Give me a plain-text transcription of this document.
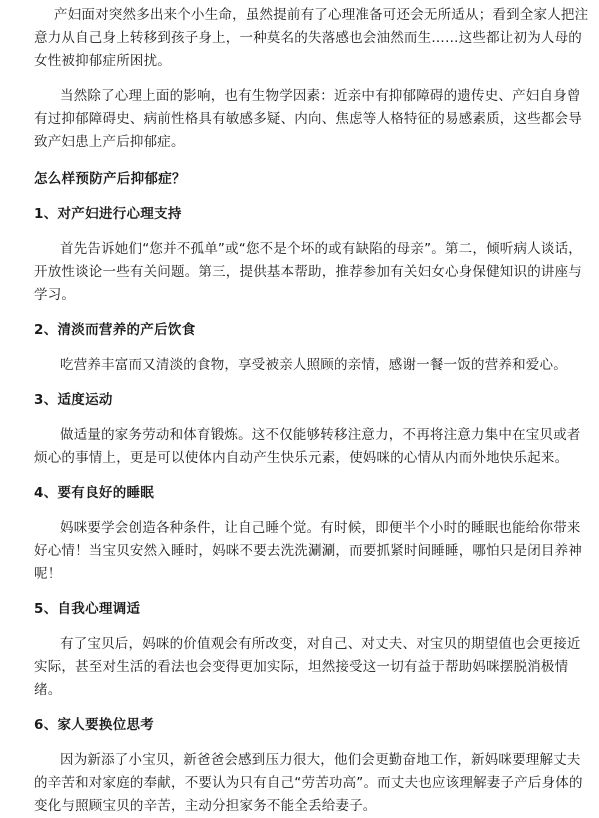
产妇面对突然多出来个小生命，虽然提前有了心理准备可还会无所适从；看到全家人把注意力从自己身上转移到孩子身上，一种莫名的失落感也会油然而生……这些都让初为人母的女性被抑郁症所困扰。

当然除了心理上面的影响，也有生物学因素：近亲中有抑郁障碍的遗传史、产妇自身曾有过抑郁障碍史、病前性格具有敏感多疑、内向、焦虑等人格特征的易感素质，这些都会导致产妇患上产后抑郁症。

怎么样预防产后抑郁症？

1、对产妇进行心理支持

首先告诉她们“您并不孤单”或“您不是个坏的或有缺陷的母亲”。第二，倾听病人谈话，开放性谈论一些有关问题。第三，提供基本帮助，推荐参加有关妇女心身保健知识的讲座与学习。

2、清淡而营养的产后饮食

吃营养丰富而又清淡的食物，享受被亲人照顾的亲情，感谢一餐一饭的营养和爱心。

3、适度运动

做适量的家务劳动和体育锻炼。这不仅能够转移注意力，不再将注意力集中在宝贝或者烦心的事情上，更是可以使体内自动产生快乐元素，使妈咪的心情从内而外地快乐起来。

4、要有良好的睡眠

妈咪要学会创造各种条件，让自己睡个觉。有时候，即便半个小时的睡眠也能给你带来好心情！当宝贝安然入睡时，妈咪不要去洗洗涮涮，而要抓紧时间睡睡，哪怕只是闭目养神呢！

5、自我心理调适

有了宝贝后，妈咪的价值观会有所改变，对自己、对丈夫、对宝贝的期望值也会更接近实际，甚至对生活的看法也会变得更加实际，坦然接受这一切有益于帮助妈咪摆脱消极情绪。

6、家人要换位思考

因为新添了小宝贝，新爸爸会感到压力很大，他们会更勤奋地工作，新妈咪要理解丈夫的辛苦和对家庭的奉献，不要认为只有自己“劳苦功高”。而丈夫也应该理解妻子产后身体的变化与照顾宝贝的辛苦，主动分担家务不能全丢给妻子。
